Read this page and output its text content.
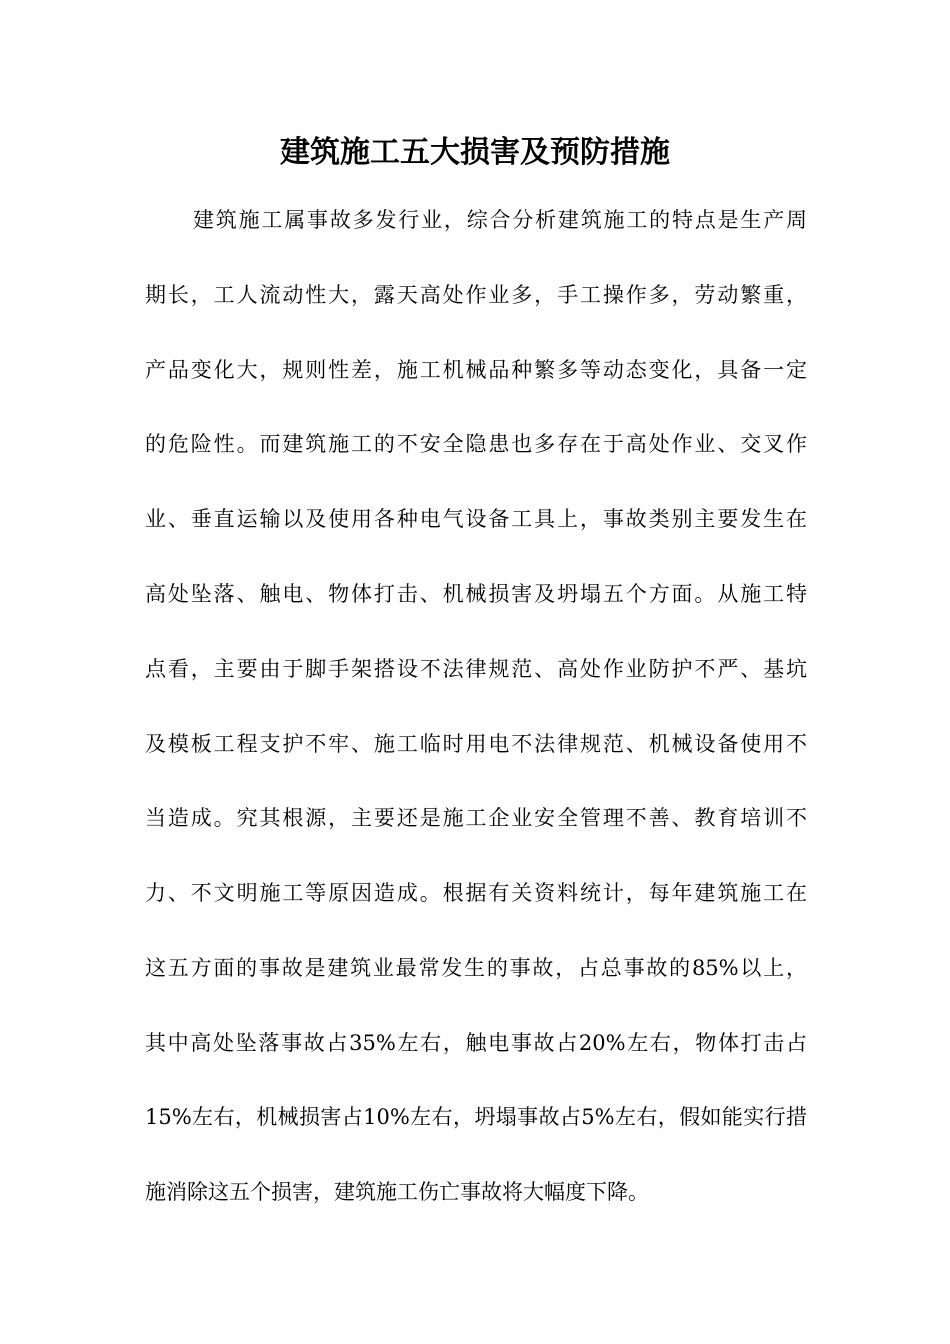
建筑施工五大损害及预防措施
建筑施工属事故多发行业，综合分析建筑施工的特点是生产周
期长，工人流动性大，露天高处作业多，手工操作多，劳动繁重，
产品变化大，规则性差，施工机械品种繁多等动态变化，具备一定
的危险性。而建筑施工的不安全隐患也多存在于高处作业、交叉作
业、垂直运输以及使用各种电气设备工具上，事故类别主要发生在
高处坠落、触电、物体打击、机械损害及坍塌五个方面。从施工特
点看，主要由于脚手架搭设不法律规范、高处作业防护不严、基坑
及模板工程支护不牢、施工临时用电不法律规范、机械设备使用不
当造成。究其根源，主要还是施工企业安全管理不善、教育培训不
力、不文明施工等原因造成。根据有关资料统计，每年建筑施工在
这五方面的事故是建筑业最常发生的事故，占总事故的85%以上，
其中高处坠落事故占35%左右，触电事故占20%左右，物体打击占
15%左右，机械损害占10%左右，坍塌事故占5%左右，假如能实行措
施消除这五个损害，建筑施工伤亡事故将大幅度下降。
